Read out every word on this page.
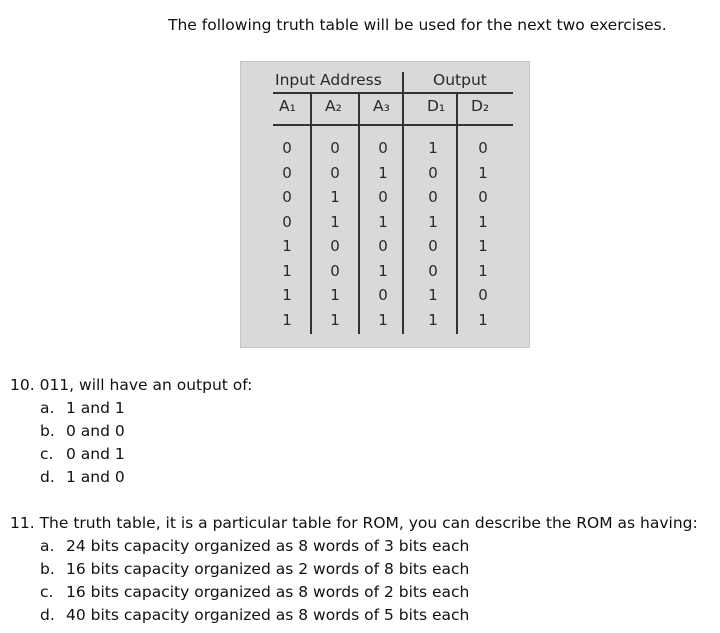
The following truth table will be used for the next two exercises.
Input Address	Output
A₁ A₂ A₃ D₁ D₂
0	0	0	1	0
0	0	1	0	1
0	1	0	0	0
0	1	1	1	1
1	0	0	0	1
1	0	1	0	1
1	1	0	1	0
1	1	1	1	1
10. 011, will have an output of:
a. 1 and 1
b. 0 and 0
c. 0 and 1
d. 1 and 0
11. The truth table, it is a particular table for ROM, you can describe the ROM as having:
a. 24 bits capacity organized as 8 words of 3 bits each
b. 16 bits capacity organized as 2 words of 8 bits each
c. 16 bits capacity organized as 8 words of 2 bits each
d. 40 bits capacity organized as 8 words of 5 bits each
